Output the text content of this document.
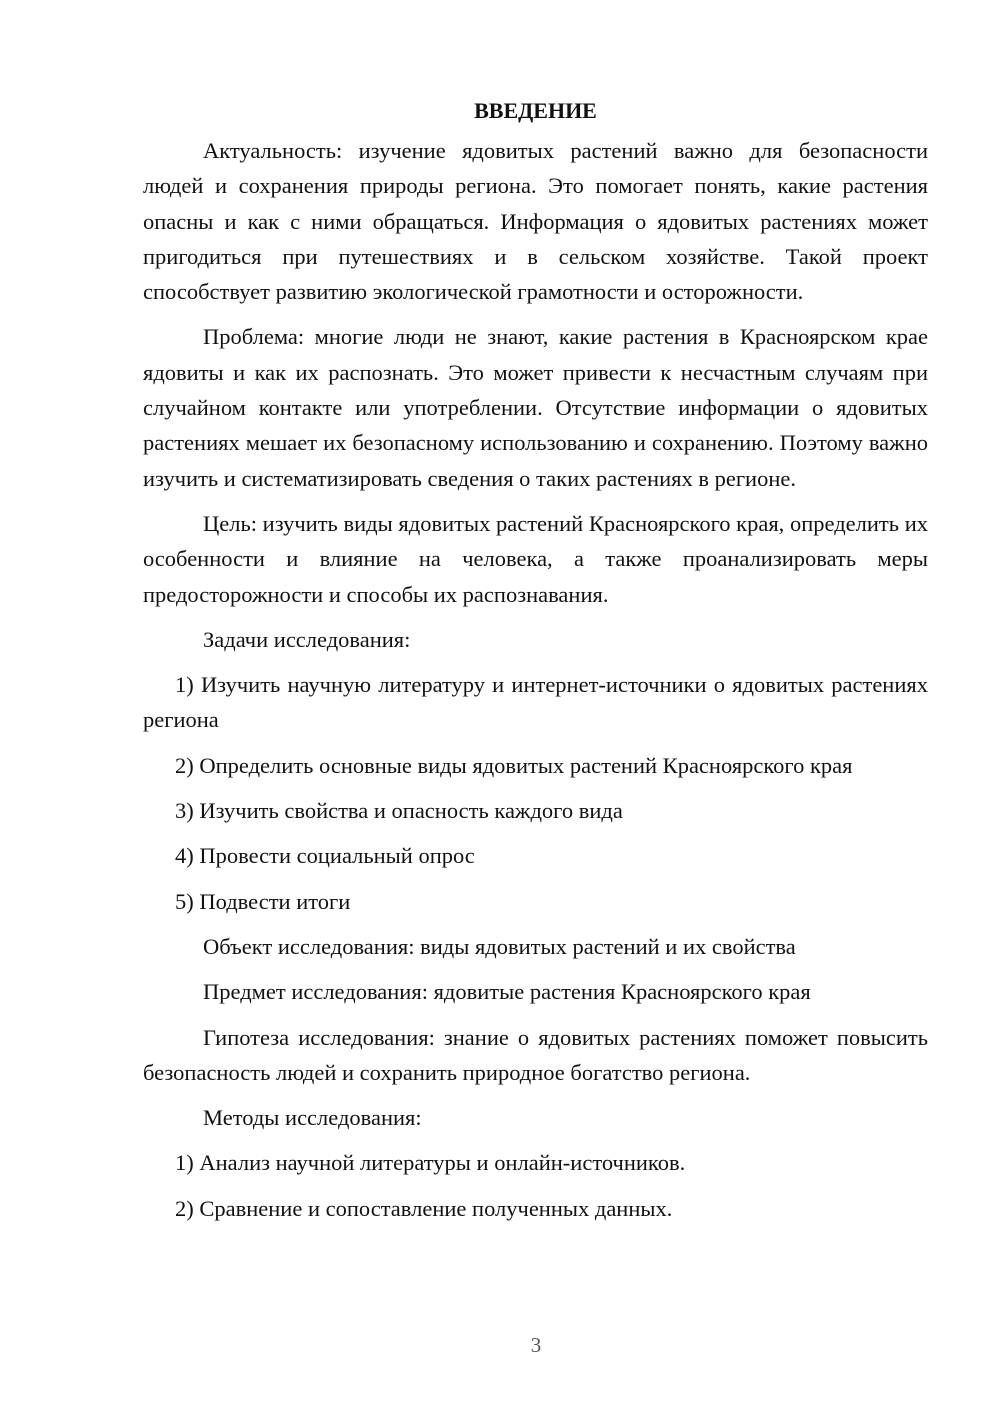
ВВЕДЕНИЕ

Актуальность: изучение ядовитых растений важно для безопасности людей и сохранения природы региона. Это помогает понять, какие растения опасны и как с ними обращаться. Информация о ядовитых растениях может пригодиться при путешествиях и в сельском хозяйстве. Такой проект способствует развитию экологической грамотности и осторожности.

Проблема: многие люди не знают, какие растения в Красноярском крае ядовиты и как их распознать. Это может привести к несчастным случаям при случайном контакте или употреблении. Отсутствие информации о ядовитых растениях мешает их безопасному использованию и сохранению. Поэтому важно изучить и систематизировать сведения о таких растениях в регионе.

Цель: изучить виды ядовитых растений Красноярского края, определить их особенности и влияние на человека, а также проанализировать меры предосторожности и способы их распознавания.

Задачи исследования:

1) Изучить научную литературу и интернет-источники о ядовитых растениях региона

2) Определить основные виды ядовитых растений Красноярского края

3) Изучить свойства и опасность каждого вида

4) Провести социальный опрос

5) Подвести итоги

Объект исследования: виды ядовитых растений и их свойства

Предмет исследования: ядовитые растения Красноярского края

Гипотеза исследования: знание о ядовитых растениях поможет повысить безопасность людей и сохранить природное богатство региона.

Методы исследования:

1) Анализ научной литературы и онлайн-источников.

2) Сравнение и сопоставление полученных данных.

3
